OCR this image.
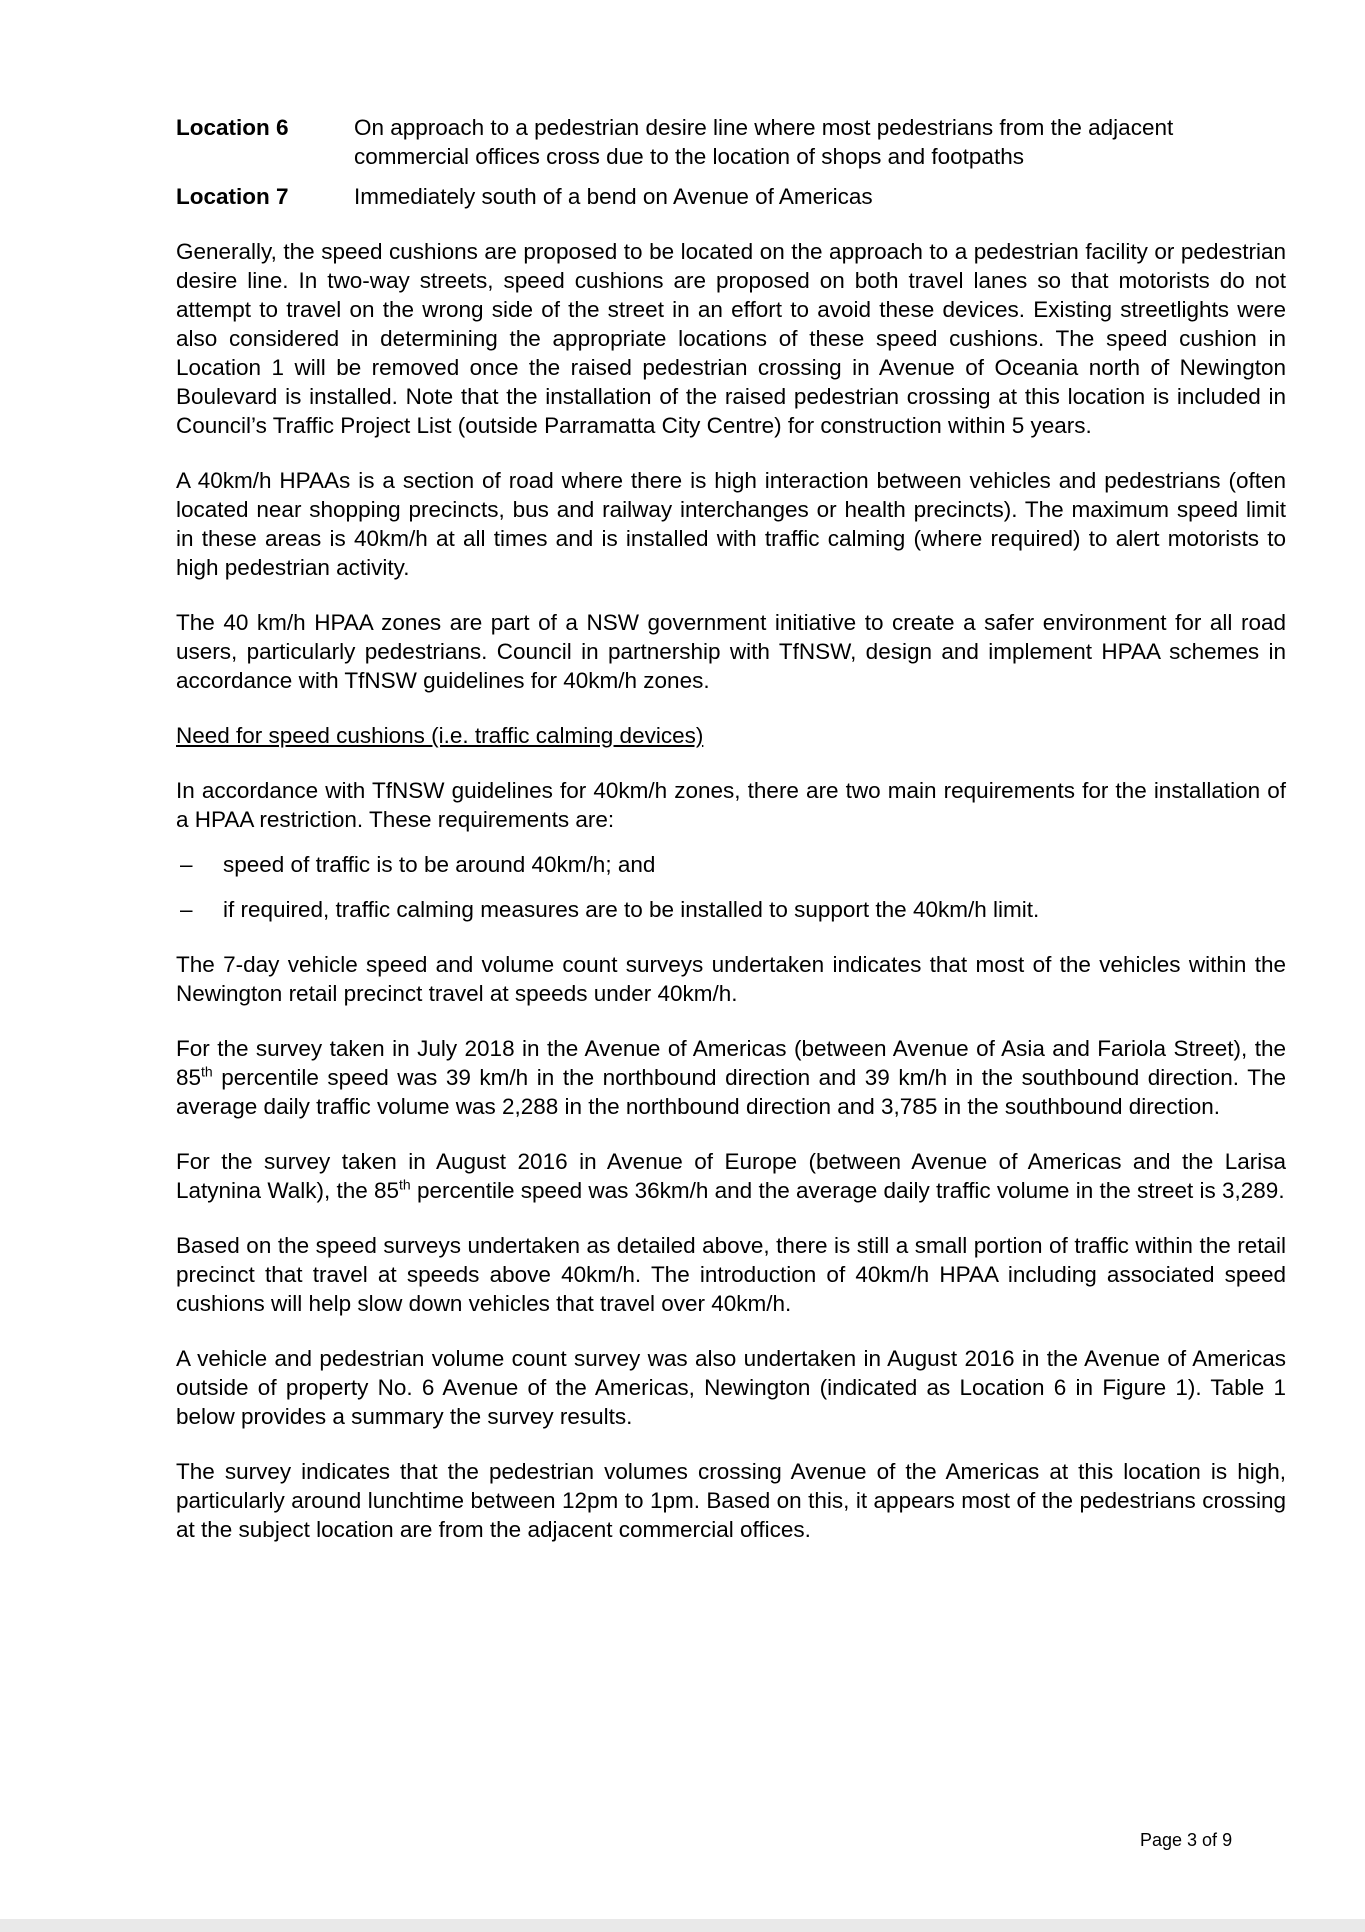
Location 6	On approach to a pedestrian desire line where most pedestrians from the adjacent commercial offices cross due to the location of shops and footpaths
Location 7	Immediately south of a bend on Avenue of Americas

Generally, the speed cushions are proposed to be located on the approach to a pedestrian facility or pedestrian desire line. In two-way streets, speed cushions are proposed on both travel lanes so that motorists do not attempt to travel on the wrong side of the street in an effort to avoid these devices. Existing streetlights were also considered in determining the appropriate locations of these speed cushions. The speed cushion in Location 1 will be removed once the raised pedestrian crossing in Avenue of Oceania north of Newington Boulevard is installed. Note that the installation of the raised pedestrian crossing at this location is included in Council’s Traffic Project List (outside Parramatta City Centre) for construction within 5 years.

A 40km/h HPAAs is a section of road where there is high interaction between vehicles and pedestrians (often located near shopping precincts, bus and railway interchanges or health precincts). The maximum speed limit in these areas is 40km/h at all times and is installed with traffic calming (where required) to alert motorists to high pedestrian activity.

The 40 km/h HPAA zones are part of a NSW government initiative to create a safer environment for all road users, particularly pedestrians. Council in partnership with TfNSW, design and implement HPAA schemes in accordance with TfNSW guidelines for 40km/h zones.

Need for speed cushions (i.e. traffic calming devices)

In accordance with TfNSW guidelines for 40km/h zones, there are two main requirements for the installation of a HPAA restriction. These requirements are:

–	speed of traffic is to be around 40km/h; and
–	if required, traffic calming measures are to be installed to support the 40km/h limit.

The 7-day vehicle speed and volume count surveys undertaken indicates that most of the vehicles within the Newington retail precinct travel at speeds under 40km/h.

For the survey taken in July 2018 in the Avenue of Americas (between Avenue of Asia and Fariola Street), the 85th percentile speed was 39 km/h in the northbound direction and 39 km/h in the southbound direction. The average daily traffic volume was 2,288 in the northbound direction and 3,785 in the southbound direction.

For the survey taken in August 2016 in Avenue of Europe (between Avenue of Americas and the Larisa Latynina Walk), the 85th percentile speed was 36km/h and the average daily traffic volume in the street is 3,289.

Based on the speed surveys undertaken as detailed above, there is still a small portion of traffic within the retail precinct that travel at speeds above 40km/h. The introduction of 40km/h HPAA including associated speed cushions will help slow down vehicles that travel over 40km/h.

A vehicle and pedestrian volume count survey was also undertaken in August 2016 in the Avenue of Americas outside of property No. 6 Avenue of the Americas, Newington (indicated as Location 6 in Figure 1). Table 1 below provides a summary the survey results.

The survey indicates that the pedestrian volumes crossing Avenue of the Americas at this location is high, particularly around lunchtime between 12pm to 1pm. Based on this, it appears most of the pedestrians crossing at the subject location are from the adjacent commercial offices.

Page 3 of 9
